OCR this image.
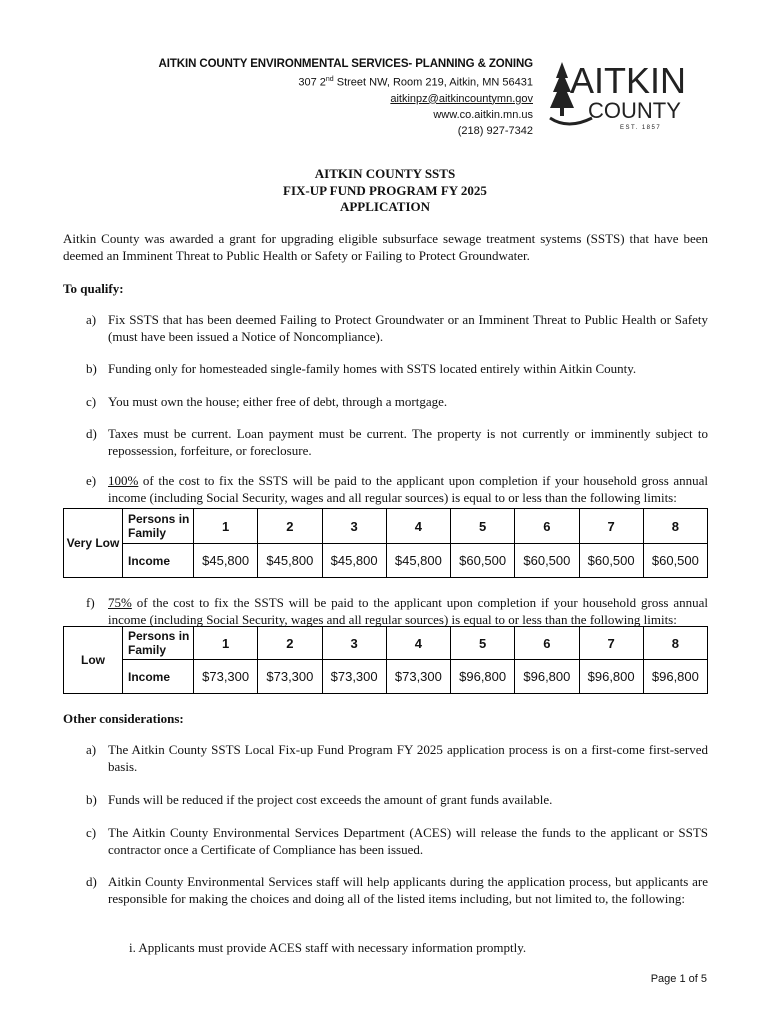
AITKIN COUNTY ENVIRONMENTAL SERVICES- PLANNING & ZONING
307 2nd Street NW, Room 219, Aitkin, MN 56431
aitkinpz@aitkincountymn.gov
www.co.aitkin.mn.us
(218) 927-7342
AITKIN
COUNTY
EST. 1857
AITKIN COUNTY SSTS
FIX-UP FUND PROGRAM FY 2025
APPLICATION
Aitkin County was awarded a grant for upgrading eligible subsurface sewage treatment systems (SSTS) that have been deemed an Imminent Threat to Public Health or Safety or Failing to Protect Groundwater.
To qualify:
a) Fix SSTS that has been deemed Failing to Protect Groundwater or an Imminent Threat to Public Health or Safety (must have been issued a Notice of Noncompliance).
b) Funding only for homesteaded single-family homes with SSTS located entirely within Aitkin County.
c) You must own the house; either free of debt, through a mortgage.
d) Taxes must be current. Loan payment must be current. The property is not currently or imminently subject to repossession, forfeiture, or foreclosure.
e) 100% of the cost to fix the SSTS will be paid to the applicant upon completion if your household gross annual income (including Social Security, wages and all regular sources) is equal to or less than the following limits:
Very Low	Persons in Family	1	2	3	4	5	6	7	8
	Income	$45,800	$45,800	$45,800	$45,800	$60,500	$60,500	$60,500	$60,500
f)	75% of the cost to fix the SSTS will be paid to the applicant upon completion if your household gross annual income (including Social Security, wages and all regular sources) is equal to or less than the following limits:
Low	Persons in Family	1	2	3	4	5	6	7	8
	Income	$73,300	$73,300	$73,300	$73,300	$96,800	$96,800	$96,800	$96,800
Other considerations:
a) The Aitkin County SSTS Local Fix-up Fund Program FY 2025 application process is on a first-come first-served basis.
b) Funds will be reduced if the project cost exceeds the amount of grant funds available.
c) The Aitkin County Environmental Services Department (ACES) will release the funds to the applicant or SSTS contractor once a Certificate of Compliance has been issued.
d) Aitkin County Environmental Services staff will help applicants during the application process, but applicants are responsible for making the choices and doing all of the listed items including, but not limited to, the following:
i. Applicants must provide ACES staff with necessary information promptly.
Page 1 of 5
